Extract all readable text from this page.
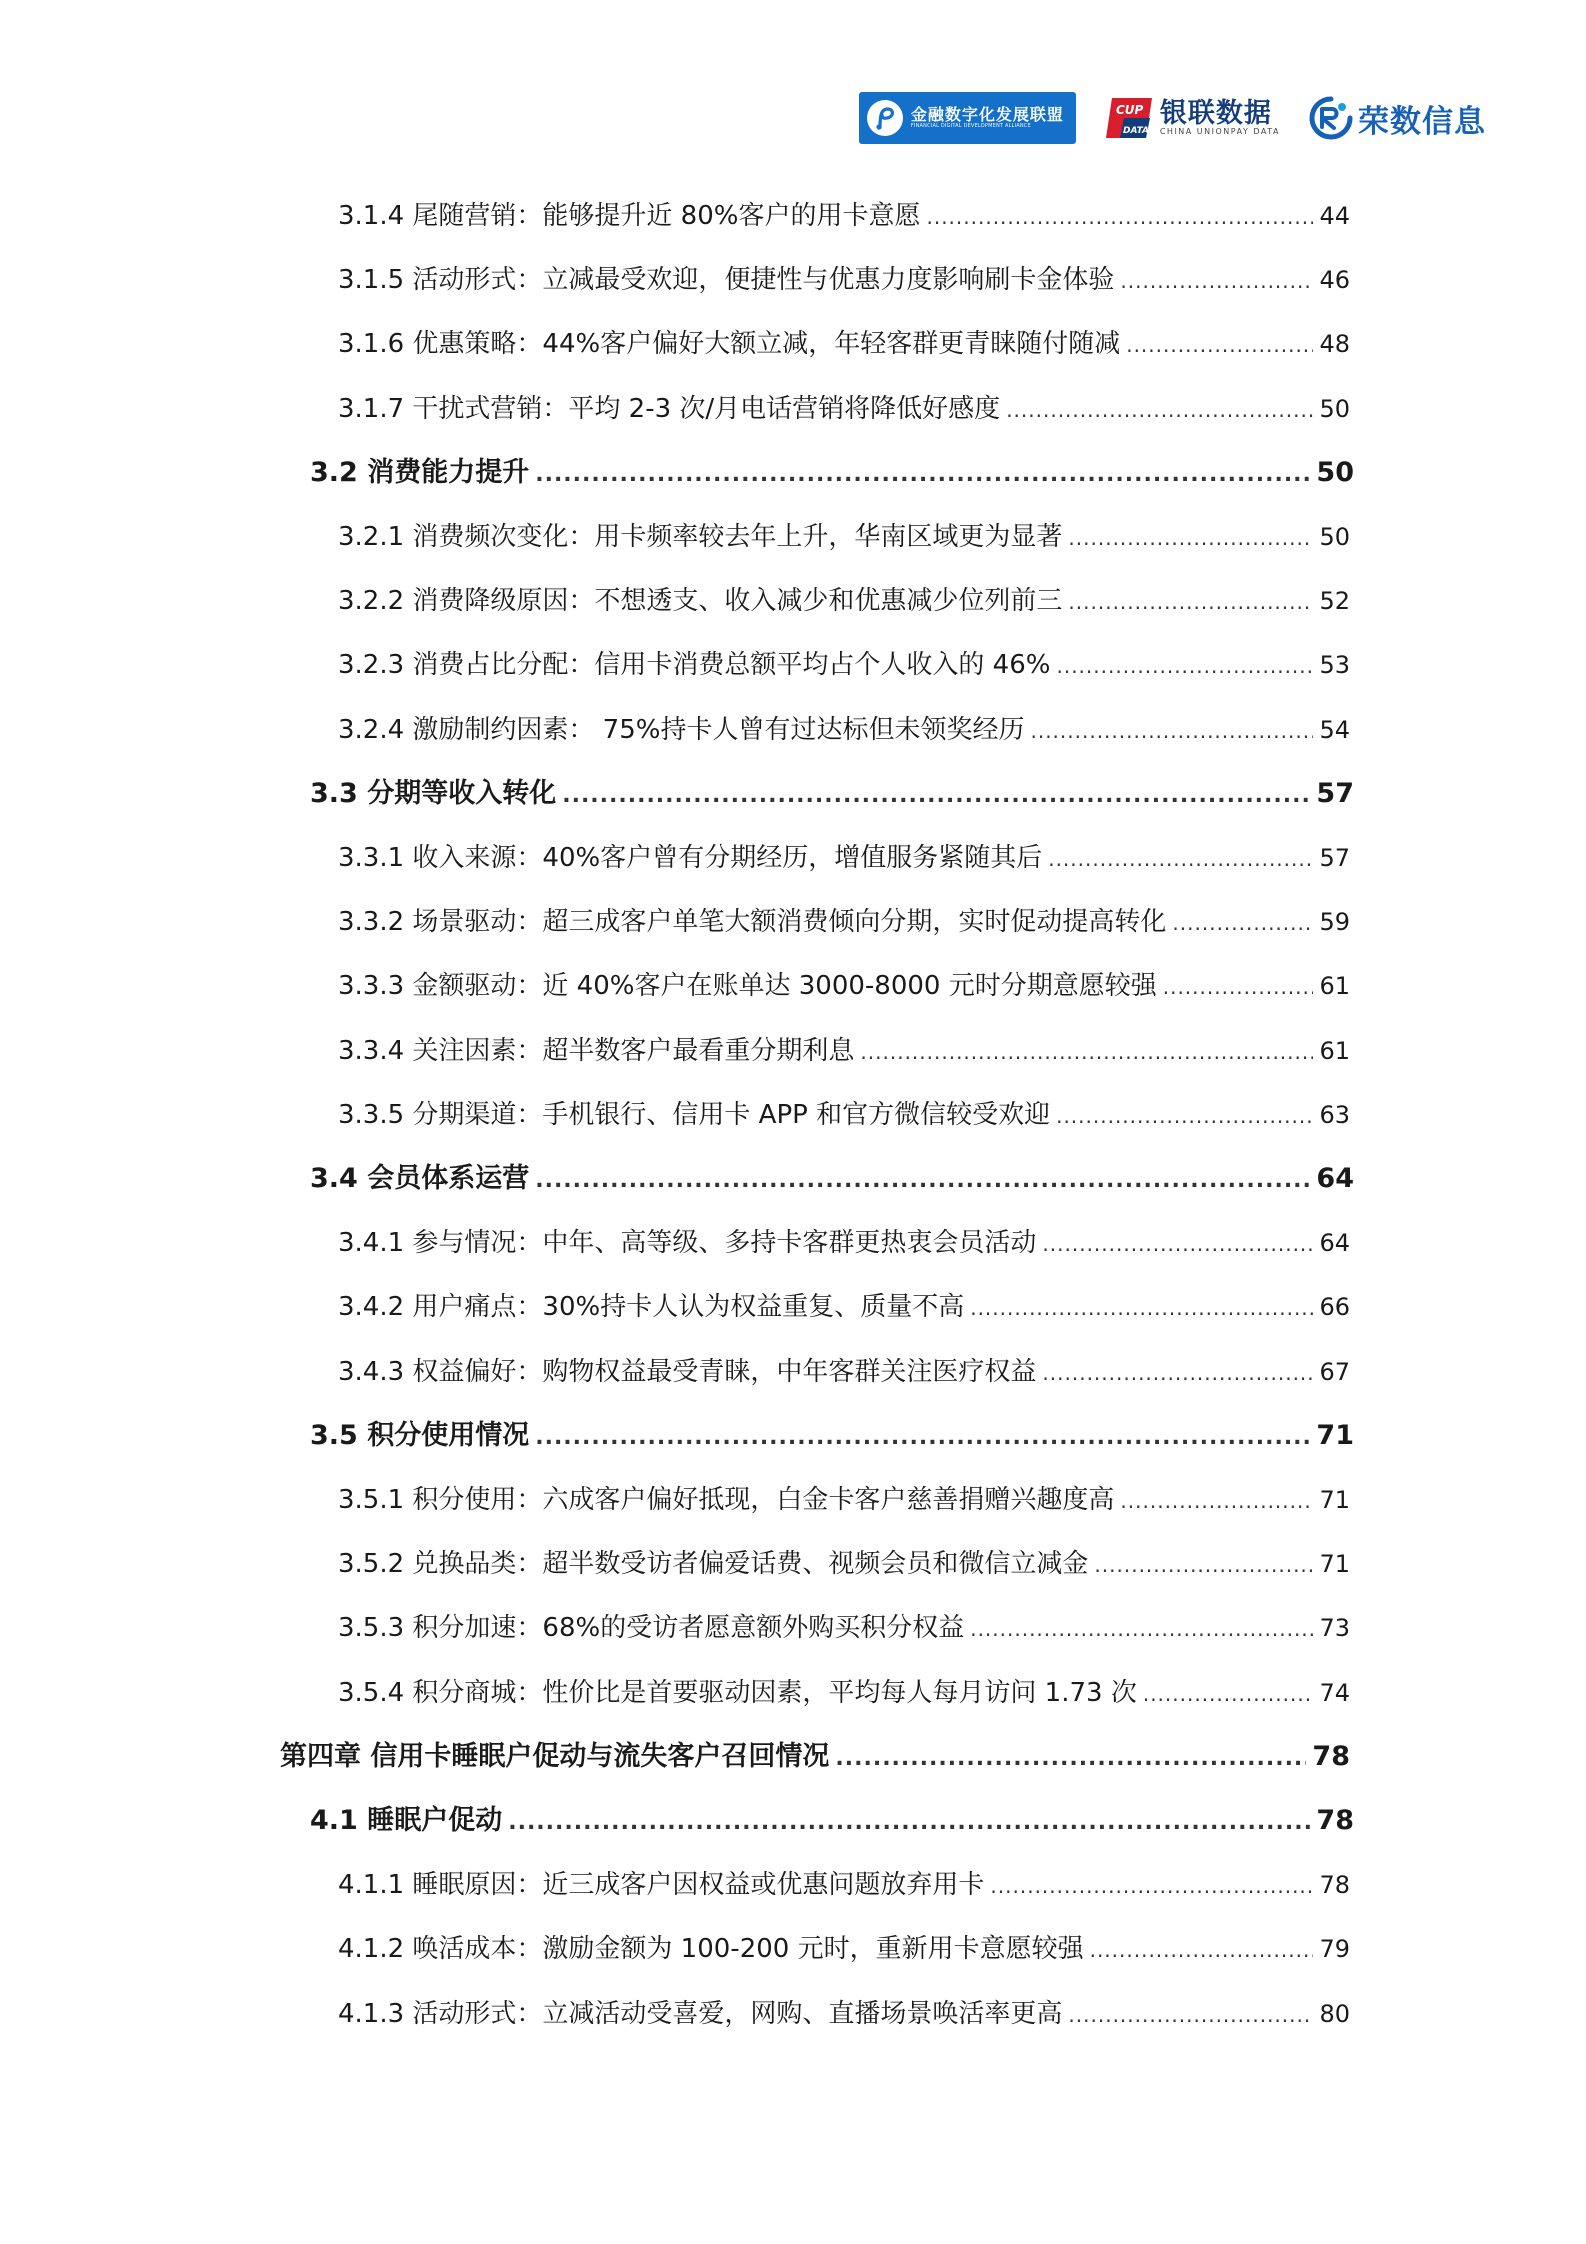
金融数字化发展联盟
FINANCIAL DIGITAL DEVELOPMENT ALLIANCE
CUP
DATA
银联数据
CHINA UNIONPAY DATA	荣数信息
3.1.4 尾随营销：能够提升近 80%客户的用卡意愿 .....	44
3.1.5 活动形式：立减最受欢迎，便捷性与优惠力度影响刷卡金体验 .....	46
3.1.6 优惠策略：44%客户偏好大额立减，年轻客群更青睐随付随减 .....	48
3.1.7 干扰式营销：平均 2-3 次/月电话营销将降低好感度 .....	50
3.2 消费能力提升 .....	50
3.2.1 消费频次变化：用卡频率较去年上升，华南区域更为显著 .....	50
3.2.2 消费降级原因：不想透支、收入减少和优惠减少位列前三 .....	52
3.2.3 消费占比分配：信用卡消费总额平均占个人收入的 46% .....	53
3.2.4 激励制约因素： 75%持卡人曾有过达标但未领奖经历 .....	54
3.3 分期等收入转化 .....	57
3.3.1 收入来源：40%客户曾有分期经历，增值服务紧随其后 .....	57
3.3.2 场景驱动：超三成客户单笔大额消费倾向分期，实时促动提高转化 .....	59
3.3.3 金额驱动：近 40%客户在账单达 3000-8000 元时分期意愿较强 .....	61
3.3.4 关注因素：超半数客户最看重分期利息 .....	61
3.3.5 分期渠道：手机银行、信用卡 APP 和官方微信较受欢迎 .....	63
3.4 会员体系运营 .....	64
3.4.1 参与情况：中年、高等级、多持卡客群更热衷会员活动 .....	64
3.4.2 用户痛点：30%持卡人认为权益重复、质量不高 .....	66
3.4.3 权益偏好：购物权益最受青睐，中年客群关注医疗权益 .....	67
3.5 积分使用情况 .....	71
3.5.1 积分使用：六成客户偏好抵现，白金卡客户慈善捐赠兴趣度高 .....	71
3.5.2 兑换品类：超半数受访者偏爱话费、视频会员和微信立减金 .....	71
3.5.3 积分加速：68%的受访者愿意额外购买积分权益 .....	73
3.5.4 积分商城：性价比是首要驱动因素，平均每人每月访问 1.73 次 .....	74
第四章 信用卡睡眠户促动与流失客户召回情况 .....	78
4.1 睡眠户促动 .....	78
4.1.1 睡眠原因：近三成客户因权益或优惠问题放弃用卡 .....	78
4.1.2 唤活成本：激励金额为 100-200 元时，重新用卡意愿较强 .....	79
4.1.3 活动形式：立减活动受喜爱，网购、直播场景唤活率更高 .....	80
